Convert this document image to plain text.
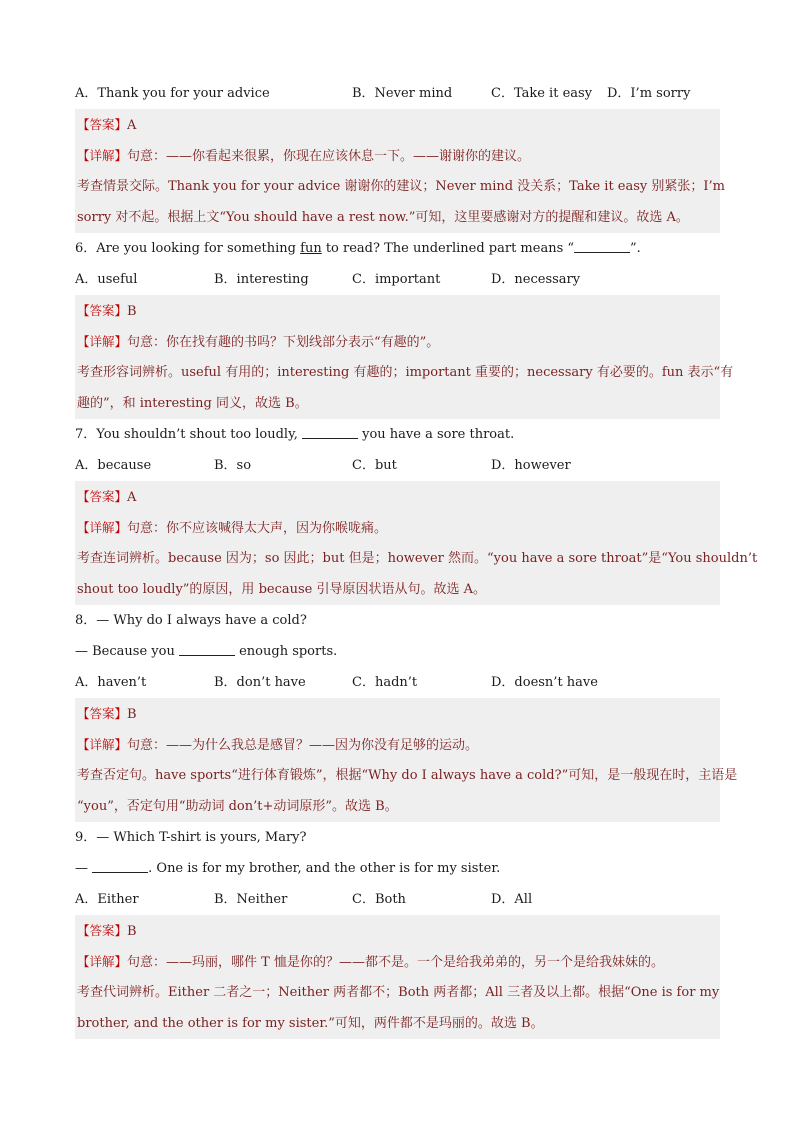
A．Thank you for your advice	B．Never mind	C．Take it easy D．I’m sorry
【答案】A
【详解】句意：——你看起来很累，你现在应该休息一下。——谢谢你的建议。
考查情景交际。Thank you for your advice 谢谢你的建议；Never mind 没关系；Take it easy 别紧张；I’m
sorry 对不起。根据上文“You should have a rest now.”可知，这里要感谢对方的提醒和建议。故选 A。
6．Are you looking for something fun to read? The underlined part means “	”.
A．useful	B．interesting	C．important	D．necessary
【答案】B
【详解】句意：你在找有趣的书吗？下划线部分表示“有趣的”。
考查形容词辨析。useful 有用的；interesting 有趣的；important 重要的；necessary 有必要的。fun 表示“有
趣的”，和 interesting 同义，故选 B。
7．You shouldn’t shout too loudly,	you have a sore throat.
A．because	B．so	C．but	D．however
【答案】A
【详解】句意：你不应该喊得太大声，因为你喉咙痛。
考查连词辨析。because 因为；so 因此；but 但是；however 然而。“you have a sore throat”是“You shouldn’t
shout too loudly”的原因，用 because 引导原因状语从句。故选 A。
8．— Why do I always have a cold?
— Because you	enough sports.
A．haven’t	B．don’t have	C．hadn’t	D．doesn’t have
【答案】B
【详解】句意：——为什么我总是感冒？——因为你没有足够的运动。
考查否定句。have sports“进行体育锻炼”，根据“Why do I always have a cold?”可知，是一般现在时，主语是
“you”，否定句用“助动词 don’t+动词原形”。故选 B。
9．— Which T-shirt is yours, Mary?
—	. One is for my brother, and the other is for my sister.
A．Either	B．Neither	C．Both	D．All
【答案】B
【详解】句意：——玛丽，哪件 T 恤是你的？——都不是。一个是给我弟弟的，另一个是给我妹妹的。
考查代词辨析。Either 二者之一；Neither 两者都不；Both 两者都；All 三者及以上都。根据“One is for my
brother, and the other is for my sister.”可知，两件都不是玛丽的。故选 B。
